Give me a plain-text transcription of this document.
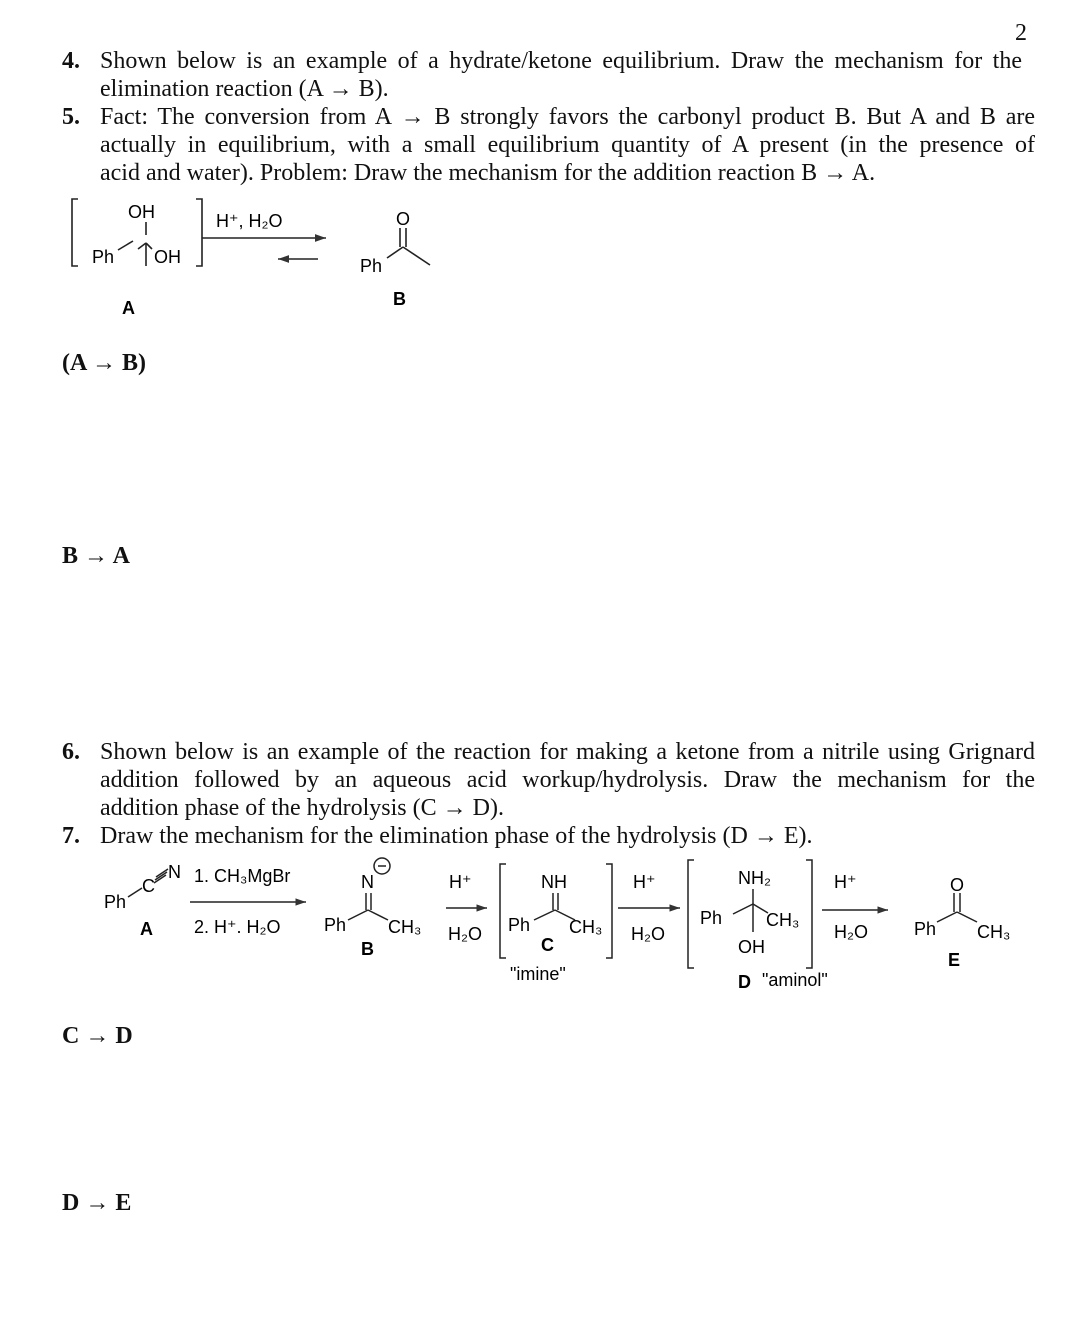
2
4. Shown below is an example of a hydrate/ketone equilibrium. Draw the mechanism for the

elimination reaction (A → B).

5. Fact: The conversion from A → B strongly favors the carbonyl product B. But A and B are

actually in equilibrium, with a small equilibrium quantity of A present (in the presence of

acid and water). Problem: Draw the mechanism for the addition reaction B → A.

(A → B)
B → A
6. Shown below is an example of the reaction for making a ketone from a nitrile using Grignard

addition followed by an aqueous acid workup/hydrolysis. Draw the mechanism for the

addition phase of the hydrolysis (C → D).

7. Draw the mechanism for the elimination phase of the hydrolysis (D → E).

C → D
D → E
OH
Ph OH
A
H⁺, H₂O	O
Ph
B
Ph
C
N
A
1. CH₃MgBr
2. H⁺. H₂O
N
Ph CH₃
B
H⁺
H₂O
NH
Ph CH₃
C
"imine"
H⁺
H₂O
NH₂
Ph CH₃
OH
D "aminol"
H⁺
H₂O
O
Ph CH₃
E
